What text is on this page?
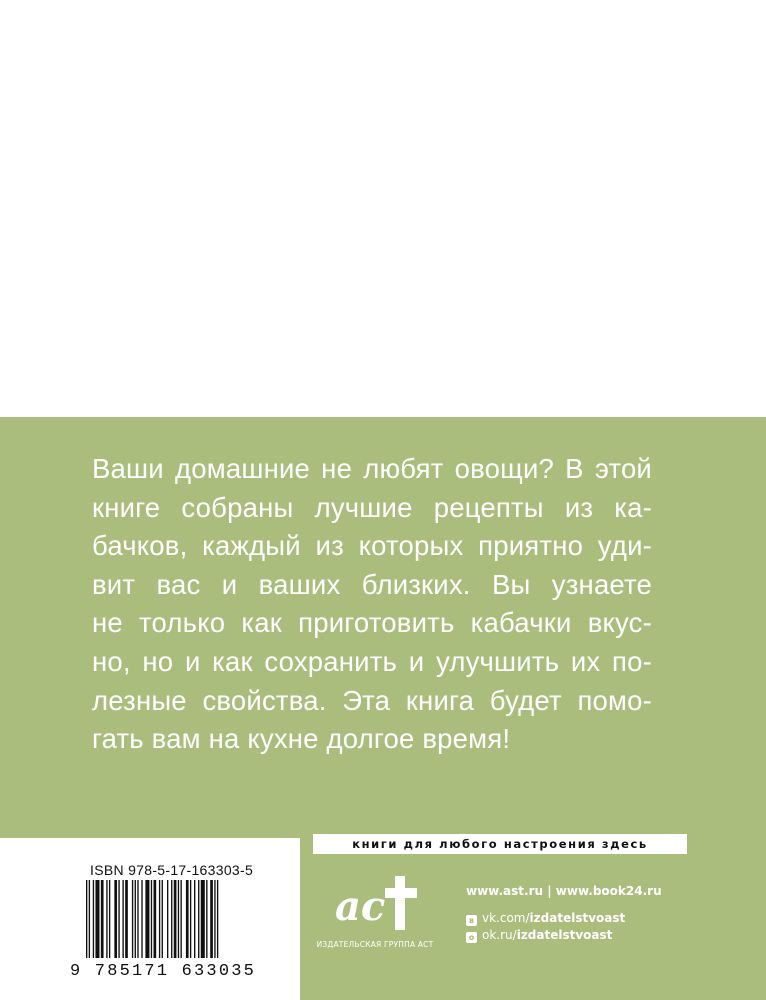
Ваши домашние не любят овощи? В этой
книге собраны лучшие рецепты из ка-
бачков, каждый из которых приятно уди-
вит вас и ваших близких. Вы узнаете
не только как приготовить кабачки вкус-
но, но и как сохранить и улучшить их по-
лезные свойства. Эта книга будет помо-
гать вам на кухне долгое время!
ISBN 978-5-17-163303-5
9 785171 633035
книги для любого настроения здесь
ас
ИЗДАТЕЛЬСКАЯ ГРУППА АСТ
www.ast.ru | www.book24.ru
в vk.com/izdatelstvoast
о ok.ru/izdatelstvoast
